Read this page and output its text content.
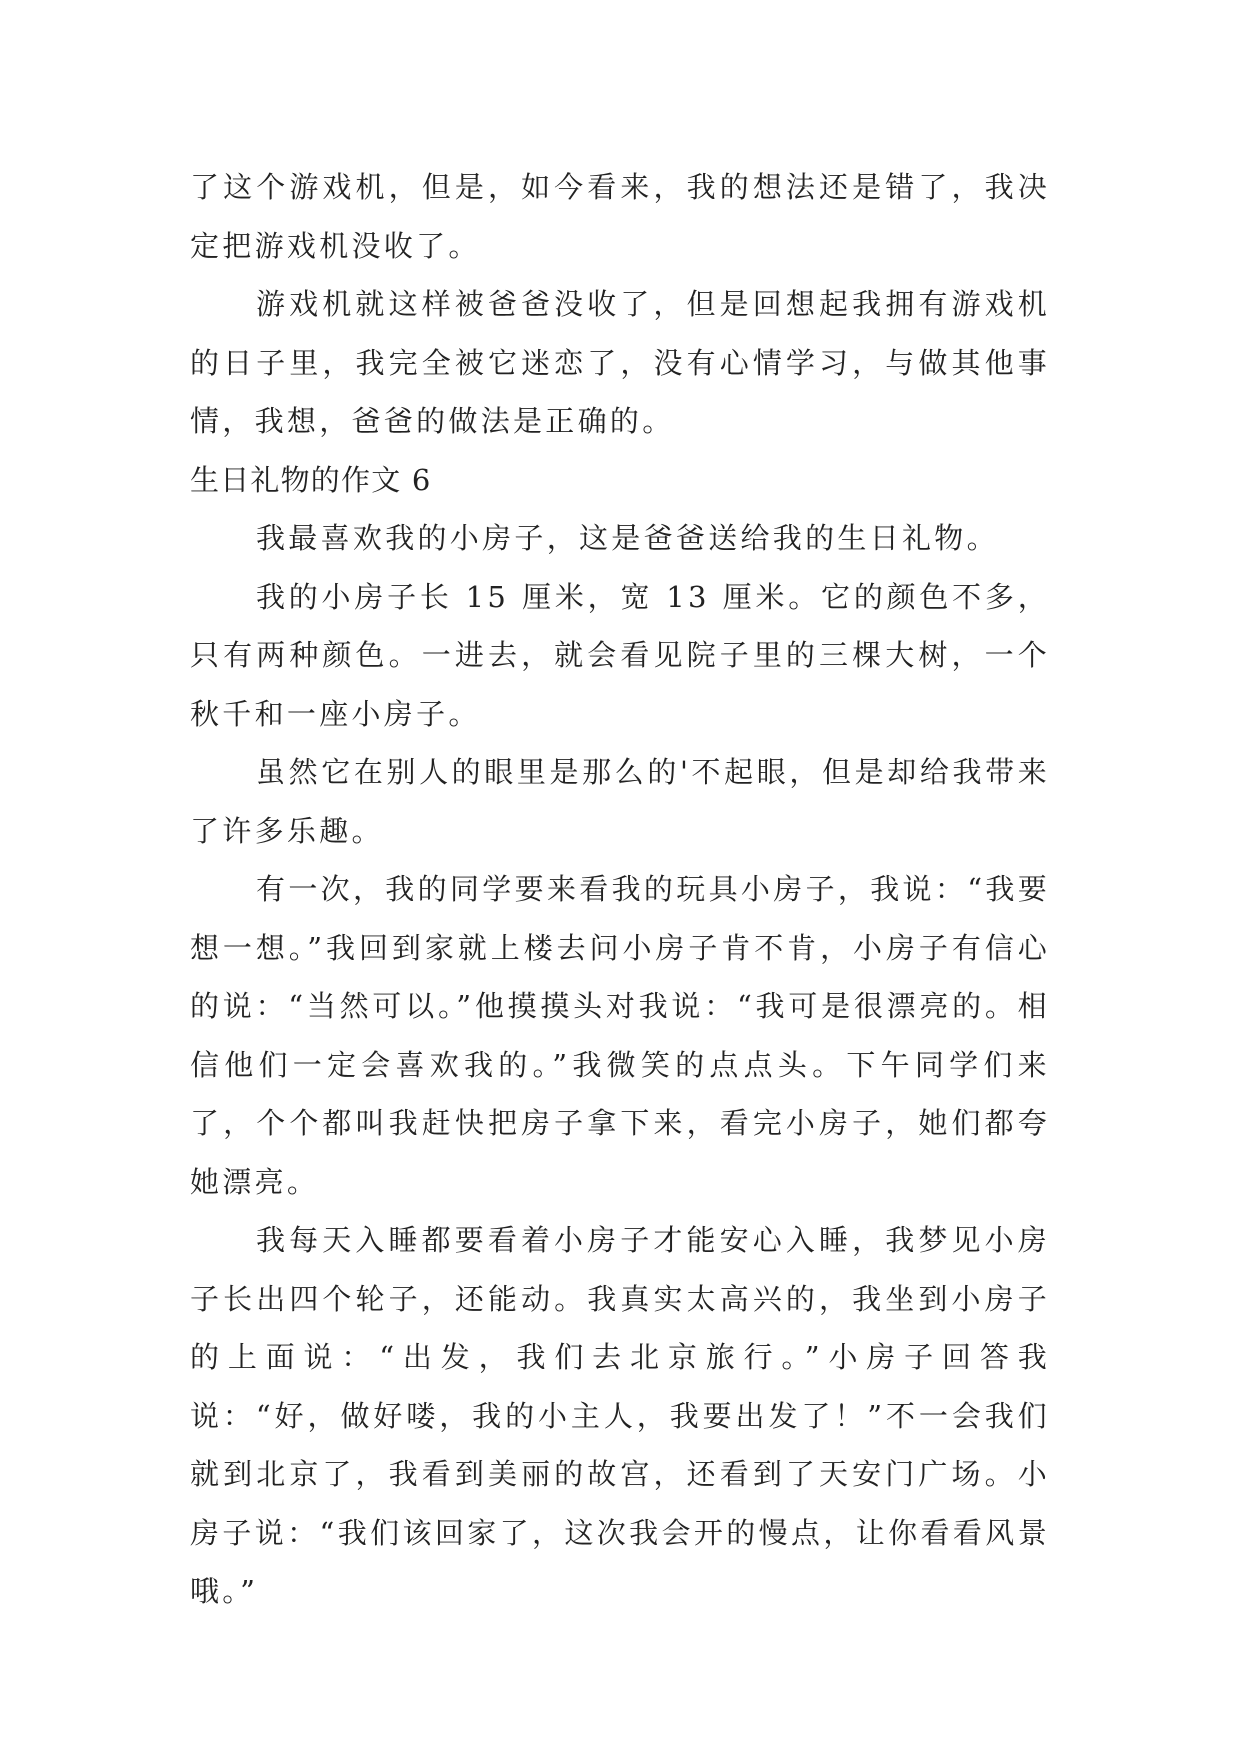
了这个游戏机，但是，如今看来，我的想法还是错了，我决定把游戏机没收了。

游戏机就这样被爸爸没收了，但是回想起我拥有游戏机的日子里，我完全被它迷恋了，没有心情学习，与做其他事情，我想，爸爸的做法是正确的。

生日礼物的作文 6

我最喜欢我的小房子，这是爸爸送给我的生日礼物。

我的小房子长 15 厘米，宽 13 厘米。它的颜色不多，只有两种颜色。一进去，就会看见院子里的三棵大树，一个秋千和一座小房子。

虽然它在别人的眼里是那么的'不起眼，但是却给我带来了许多乐趣。

有一次，我的同学要来看我的玩具小房子，我说：“我要想一想。”我回到家就上楼去问小房子肯不肯，小房子有信心的说：“当然可以。”他摸摸头对我说：“我可是很漂亮的。相信他们一定会喜欢我的。”我微笑的点点头。下午同学们来了，个个都叫我赶快把房子拿下来，看完小房子，她们都夸她漂亮。

我每天入睡都要看着小房子才能安心入睡，我梦见小房子长出四个轮子，还能动。我真实太高兴的，我坐到小房子的上面说：“出发，我们去北京旅行。”小房子回答我说：“好，做好喽，我的小主人，我要出发了！”不一会我们就到北京了，我看到美丽的故宫，还看到了天安门广场。小房子说：“我们该回家了，这次我会开的慢点，让你看看风景哦。”
